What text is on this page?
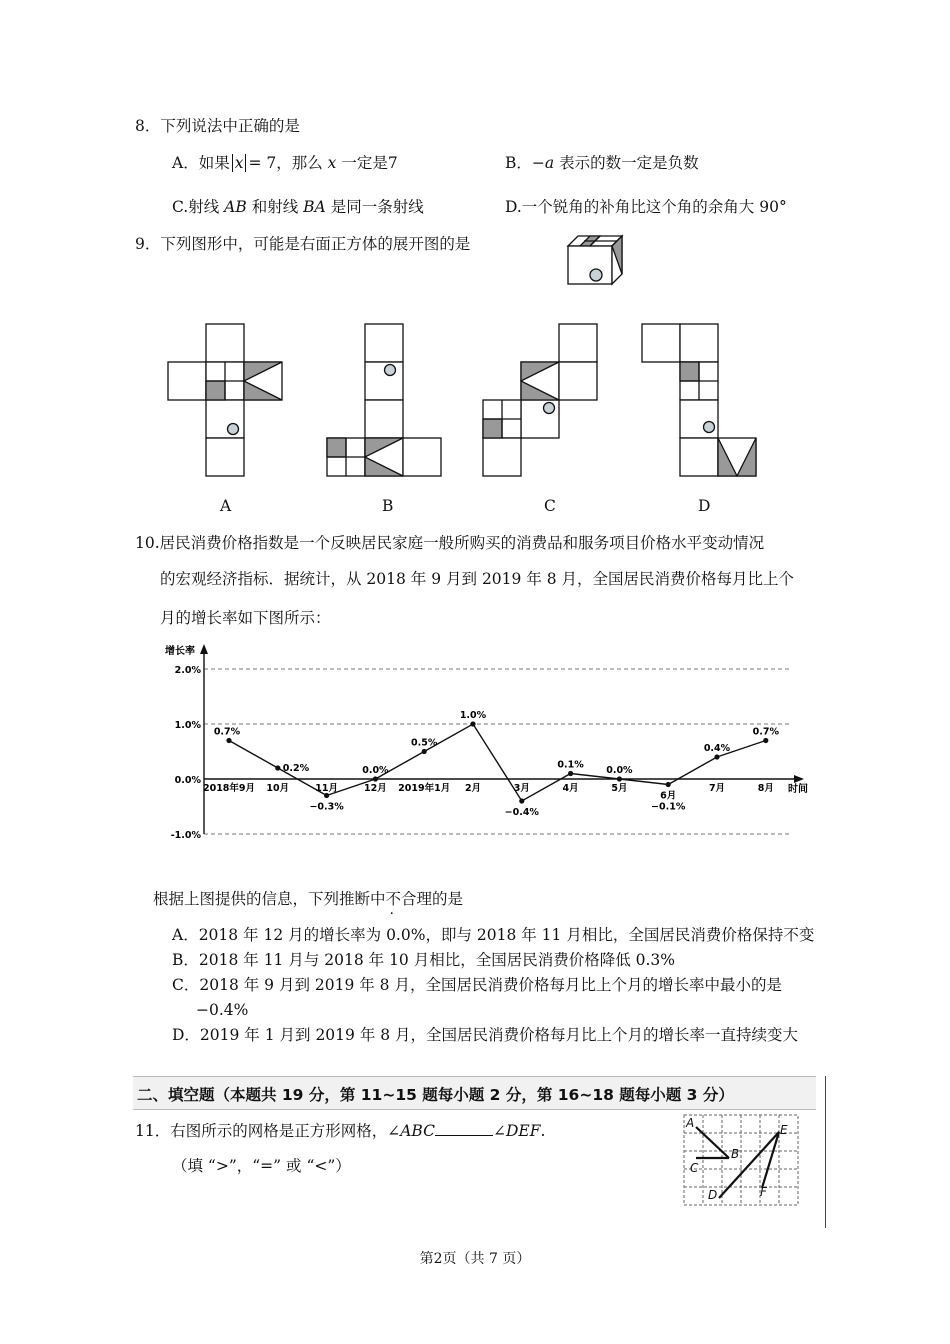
8．下列说法中正确的是
A．如果 x = 7，那么 x 一定是7	B．−a 表示的数一定是负数
C.射线 AB 和射线 BA 是同一条射线	D.一个锐角的补角比这个角的余角大 90°
9．下列图形中，可能是右面正方体的展开图的是
A	B	C	D
10.居民消费价格指数是一个反映居民家庭一般所购买的消费品和服务项目价格水平变动情况
的宏观经济指标．据统计，从 2018 年 9 月到 2019 年 8 月，全国居民消费价格每月比上个
月的增长率如下图所示：
2.0%
1.0%
0.0%
-1.0%
增长率
时间
0.7%
0.2%
−0.3%
0.0%
0.5%
1.0%
−0.4%
0.1% 0.0%
−0.1%
0.4%
0.7%
2018年9月 10月	11月	12月 2019年1月 2月	3月	4月	5月
6月
7月	8月
根据上图提供的信息，下列推断中不合理的是
A．2018 年 12 月的增长率为 0.0%，即与 2018 年 11 月相比，全国居民消费价格保持不变
B．2018 年 11 月与 2018 年 10 月相比，全国居民消费价格降低 0.3%
C．2018 年 9 月到 2019 年 8 月，全国居民消费价格每月比上个月的增长率中最小的是
−0.4%
D．2019 年 1 月到 2019 年 8 月，全国居民消费价格每月比上个月的增长率一直持续变大
二、填空题（本题共 19 分，第 11~15 题每小题 2 分，第 16~18 题每小题 3 分）
11．右图所示的网格是正方形网格，∠ABC	∠DEF.
（填 “>”，“=” 或 “<”）
A
B
C
D
E
F
第2页（共 7 页）
